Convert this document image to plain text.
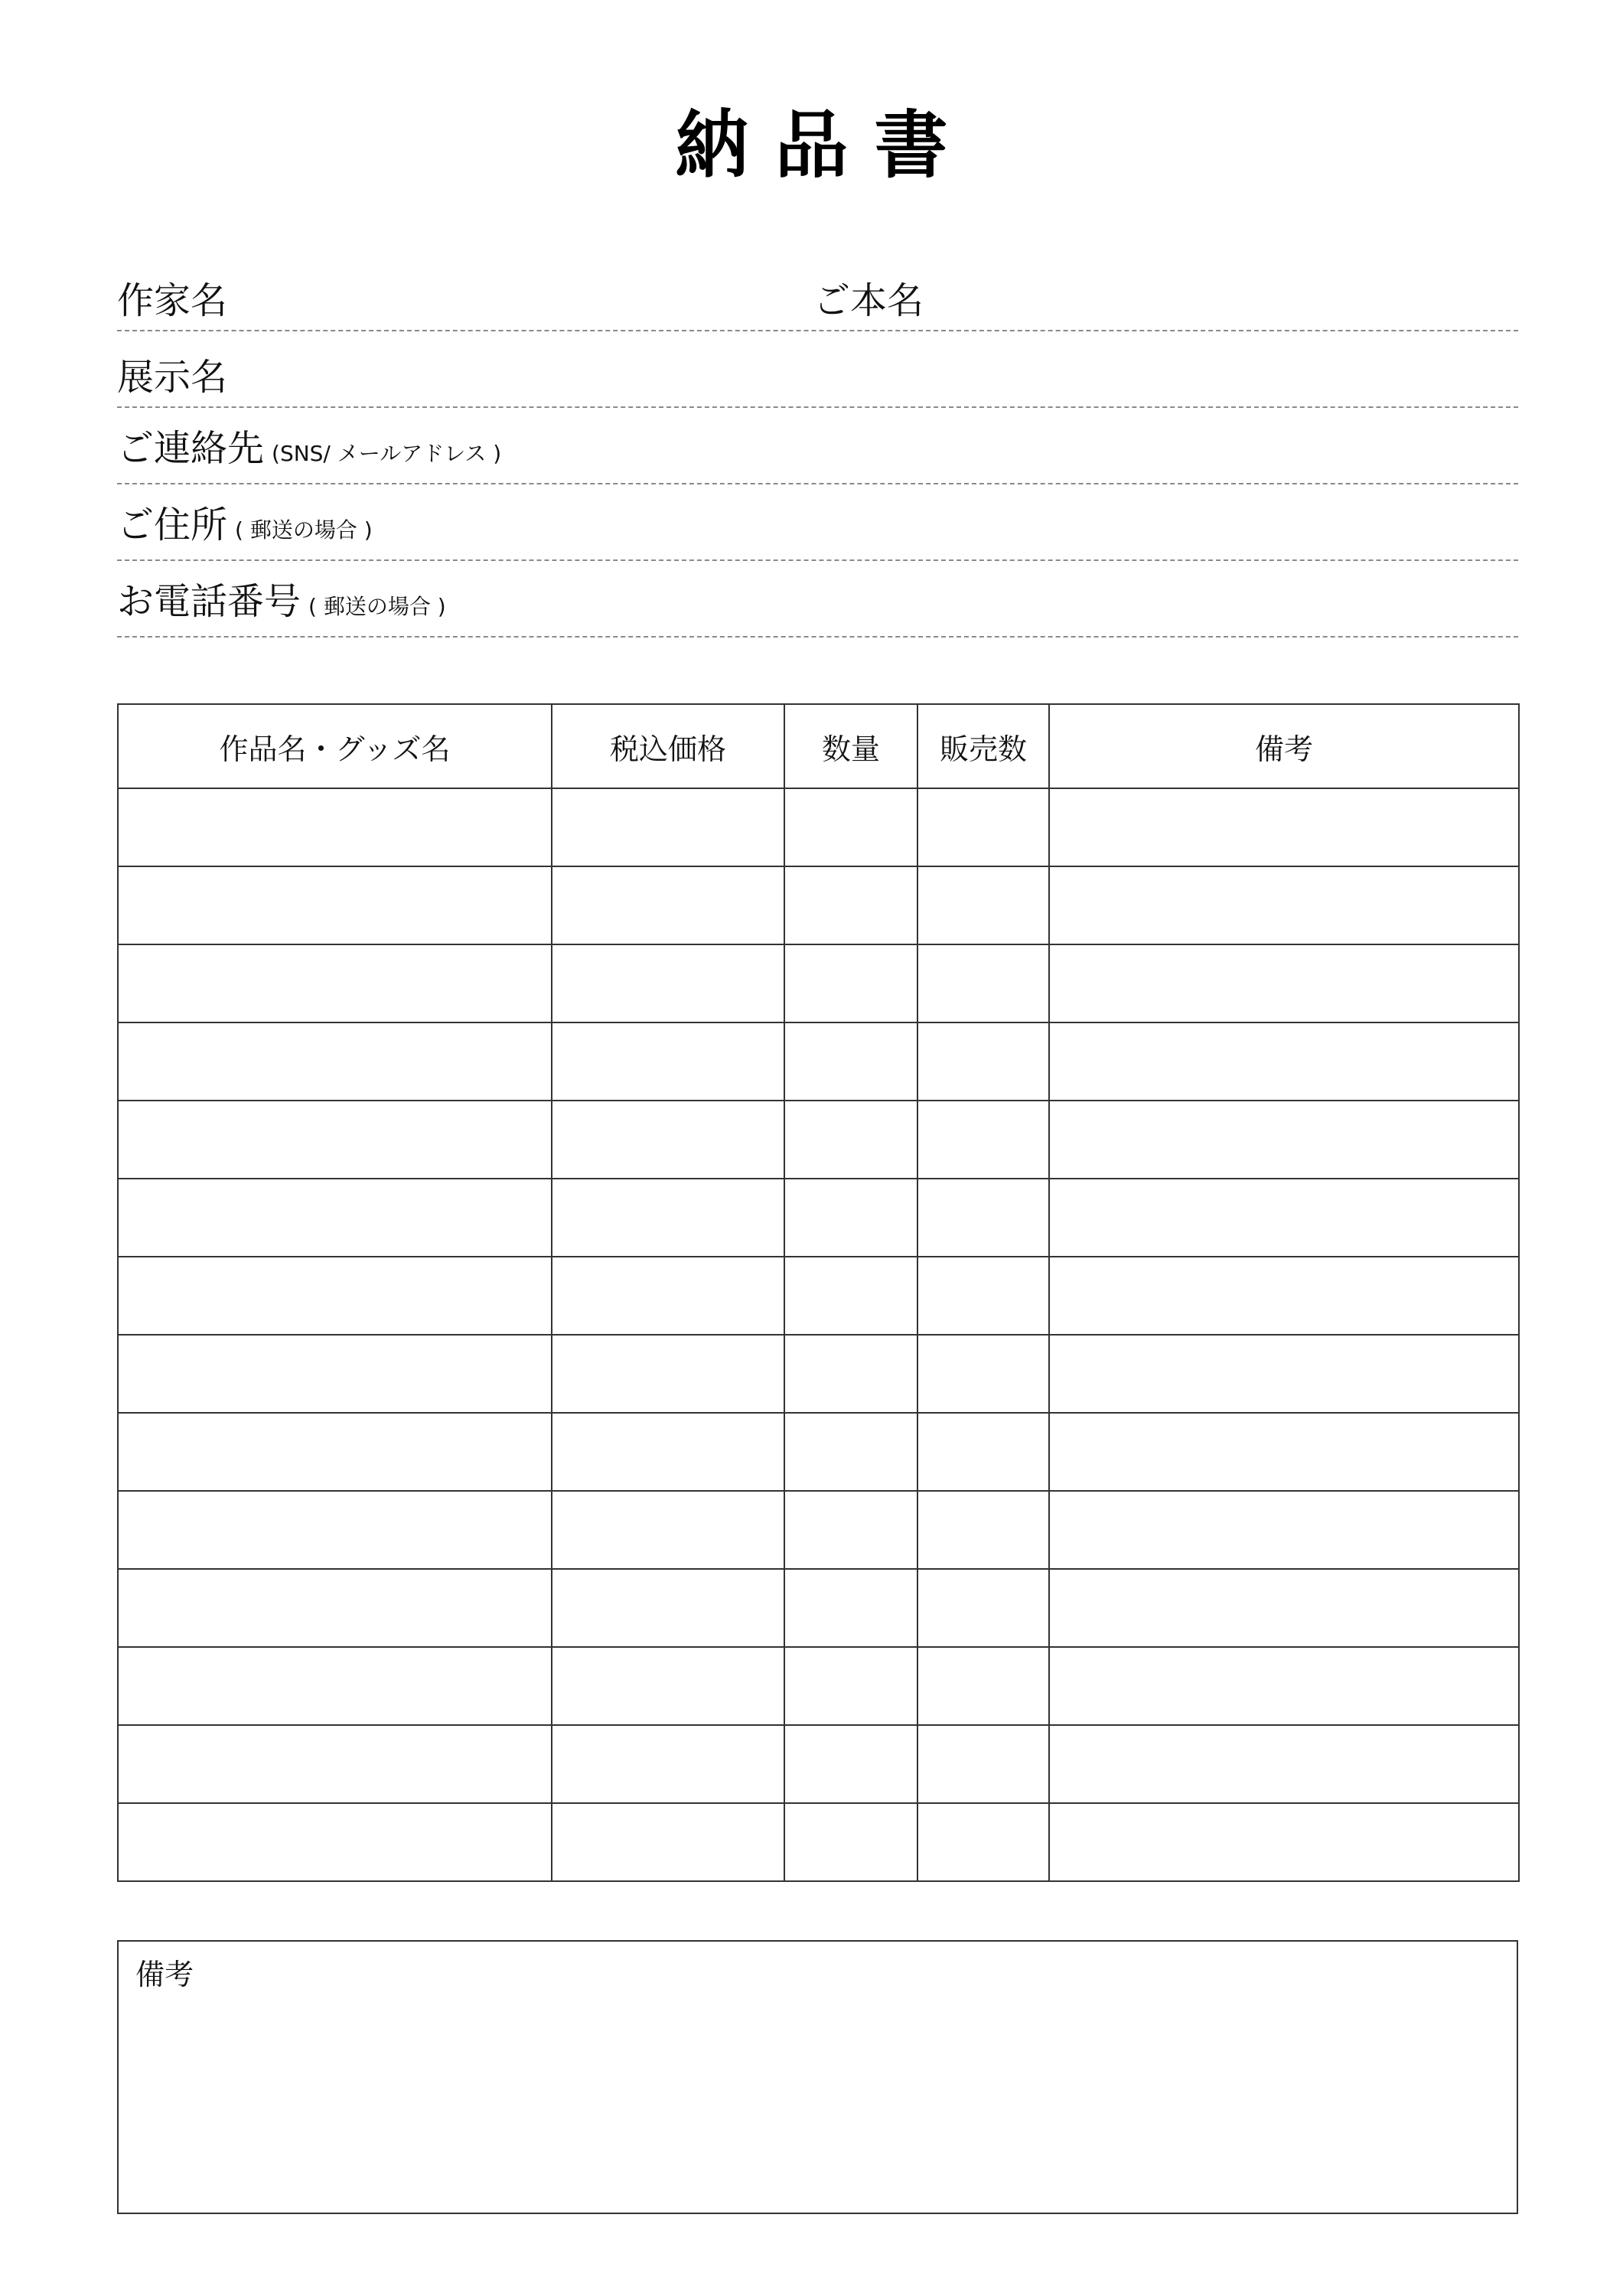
納品書
作家名	ご本名
展示名
ご連絡先 (SNS/ メールアドレス )
ご住所 ( 郵送の場合 )
お電話番号 ( 郵送の場合 )
作品名・グッズ名	税込価格	数量	販売数	備考

備考
